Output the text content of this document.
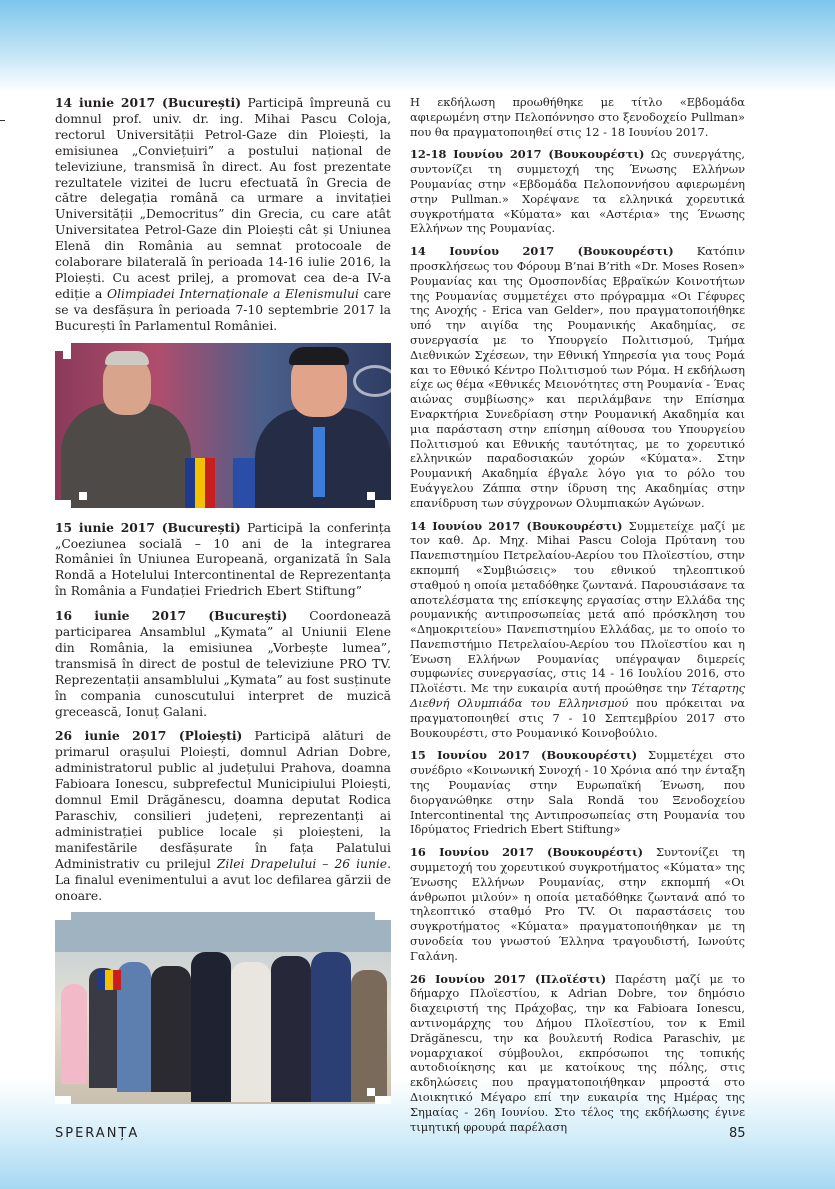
14 iunie 2017 (București) Participă împreună cu domnul prof. univ. dr. ing. Mihai Pascu Coloja, rectorul Universității Petrol-Gaze din Ploiești, la emisiunea „Conviețuiri” a postului național de televiziune, transmisă în direct. Au fost prezentate rezultatele vizitei de lucru efectuată în Grecia de către delegația română ca urmare a invitației Universității „Democritus” din Grecia, cu care atât Universitatea Petrol-Gaze din Ploiești cât și Uniunea Elenă din România au semnat protocoale de colaborare bilaterală în perioada 14-16 iulie 2016, la Ploiești. Cu acest prilej, a promovat cea de-a IV-a ediție a Olimpiadei Internaționale a Elenismului care se va desfășura în perioada 7-10 septembrie 2017 la București în Parlamentul României.

15 iunie 2017 (București) Participă la conferința „Coeziunea socială – 10 ani de la integrarea României în Uniunea Europeană, organizată în Sala Rondă a Hotelului Intercontinental de Reprezentanța în România a Fundației Friedrich Ebert Stiftung”

16 iunie 2017 (București) Coordonează participarea Ansamblul „Kymata” al Uniunii Elene din România, la emisiunea „Vorbește lumea”, transmisă în direct de postul de televiziune PRO TV. Reprezentații ansamblului „Kymata” au fost susținute în compania cunoscutului interpret de muzică grecească, Ionuț Galani.

26 iunie 2017 (Ploiești) Participă alături de primarul orașului Ploiești, domnul Adrian Dobre, administratorul public al județului Prahova, doamna Fabioara Ionescu, subprefectul Municipiului Ploiești, domnul Emil Drăgănescu, doamna deputat Rodica Paraschiv, consilieri județeni, reprezentanți ai administrației publice locale și ploieșteni, la manifestările desfășurate în fața Palatului Administrativ cu prilejul Zilei Drapelului – 26 iunie. La finalul evenimentului a avut loc defilarea gărzii de onoare.

Η εκδήλωση προωθήθηκε με τίτλο «Εβδομάδα αφιερωμένη στην Πελοπόννησο στο ξενοδοχείο Pullman» που θα πραγματοποιηθεί στις 12 - 18 Ιουνίου 2017.

12-18 Ιουνίου 2017 (Βουκουρέστι) Ως συνεργάτης, συντονίζει τη συμμετοχή της Ένωσης Ελλήνων Ρουμανίας στην «Εβδομάδα Πελοποννήσου αφιερωμένη στην Pullman.» Χορέψανε τα ελληνικά χορευτικά συγκροτήματα «Κύματα» και «Αστέρια» της Ένωσης Ελλήνων της Ρουμανίας.

14 Ιουνίου 2017 (Βουκουρέστι) Κατόπιν προσκλήσεως του Φόρουμ B’nai B’rith «Dr. Moses Rosen» Ρουμανίας και της Ομοσπονδίας Εβραϊκών Κοινοτήτων της Ρουμανίας συμμετέχει στο πρόγραμμα «Οι Γέφυρες της Ανοχής - Erica van Gelder», που πραγματοποιήθηκε υπό την αιγίδα της Ρουμανικής Ακαδημίας, σε συνεργασία με το Υπουργείο Πολιτισμού, Τμήμα Διεθνικών Σχέσεων, την Εθνική Υπηρεσία για τους Ρομά και το Εθνικό Κέντρο Πολιτισμού των Ρόμα. Η εκδήλωση είχε ως θέμα «Εθνικές Μειονότητες στη Ρουμανία - Ένας αιώνας συμβίωσης» και περιλάμβανε την Επίσημα Εναρκτήρια Συνεδρίαση στην Ρουμανική Ακαδημία και μια παράσταση στην επίσημη αίθουσα του Υπουργείου Πολιτισμού και Εθνικής ταυτότητας, με το χορευτικό ελληνικών παραδοσιακών χορών «Κύματα». Στην Ρουμανική Ακαδημία έβγαλε λόγο για το ρόλο του Ευάγγελου Ζάππα στην ίδρυση της Ακαδημίας στην επανίδρυση των σύγχρονων Ολυμπιακών Αγώνων.

14 Ιουνίου 2017 (Βουκουρέστι) Συμμετείχε μαζί με τον καθ. Δρ. Μηχ. Mihai Pascu Coloja Πρύτανη του Πανεπιστημίου Πετρελαίου-Αερίου του Πλοϊεστίου, στην εκπομπή «Συμβιώσεις» του εθνικού τηλεοπτικού σταθμού η οποία μεταδόθηκε ζωντανά. Παρουσιάσανε τα αποτελέσματα της επίσκεψης εργασίας στην Ελλάδα της ρουμανικής αντιπροσωπείας μετά από πρόσκληση του «Δημοκριτείου» Πανεπιστημίου Ελλάδας, με το οποίο το Πανεπιστήμιο Πετρελαίου-Αερίου του Πλοϊεστίου και η Ένωση Ελλήνων Ρουμανίας υπέγραψαν διμερείς συμφωνίες συνεργασίας, στις 14 - 16 Ιουλίου 2016, στο Πλοϊέστι. Με την ευκαιρία αυτή προώθησε την Τέταρτης Διεθνή Ολυμπιάδα του Ελληνισμού που πρόκειται να πραγματοποιηθεί στις 7 - 10 Σεπτεμβρίου 2017 στο Βουκουρέστι, στο Ρουμανικό Κοινοβούλιο.

15 Ιουνίου 2017 (Βουκουρέστι) Συμμετέχει στο συνέδριο «Κοινωνική Συνοχή - 10 Χρόνια από την ένταξη της Ρουμανίας στην Ευρωπαϊκή Ένωση, που διοργανώθηκε στην Sala Rondă του Ξενοδοχείου Intercontinental της Αντιπροσωπείας στη Ρουμανία του Ιδρύματος Friedrich Ebert Stiftung»

16 Ιουνίου 2017 (Βουκουρέστι) Συντονίζει τη συμμετοχή του χορευτικού συγκροτήματος «Κύματα» της Ένωσης Ελλήνων Ρουμανίας, στην εκπομπή «Οι άνθρωποι μιλούν» η οποία μεταδόθηκε ζωντανά από το τηλεοπτικό σταθμό Pro TV. Οι παραστάσεις του συγκροτήματος «Κύματα» πραγματοποιήθηκαν με τη συνοδεία του γνωστού Έλληνα τραγουδιστή, Ιωνούτς Γαλάνη.

26 Ιουνίου 2017 (Πλοϊέστι) Παρέστη μαζί με το δήμαρχο Πλοϊεστίου, κ Adrian Dobre, τον δημόσιο διαχειριστή της Πράχοβας, την κα Fabioara Ionescu, αντινομάρχης του Δήμου Πλοϊεστίου, τον κ Emil Drăgănescu, την κα βουλευτή Rodica Paraschiv, με νομαρχιακοί σύμβουλοι, εκπρόσωποι της τοπικής αυτοδιοίκησης και με κατοίκους της πόλης, στις εκδηλώσεις που πραγματοποιήθηκαν μπροστά στο Διοικητικό Μέγαρο επί την ευκαιρία της Ημέρας της Σημαίας - 26η Ιουνίου. Στο τέλος της εκδήλωσης έγινε τιμητική φρουρά παρέλαση

SPERANȚA	85
